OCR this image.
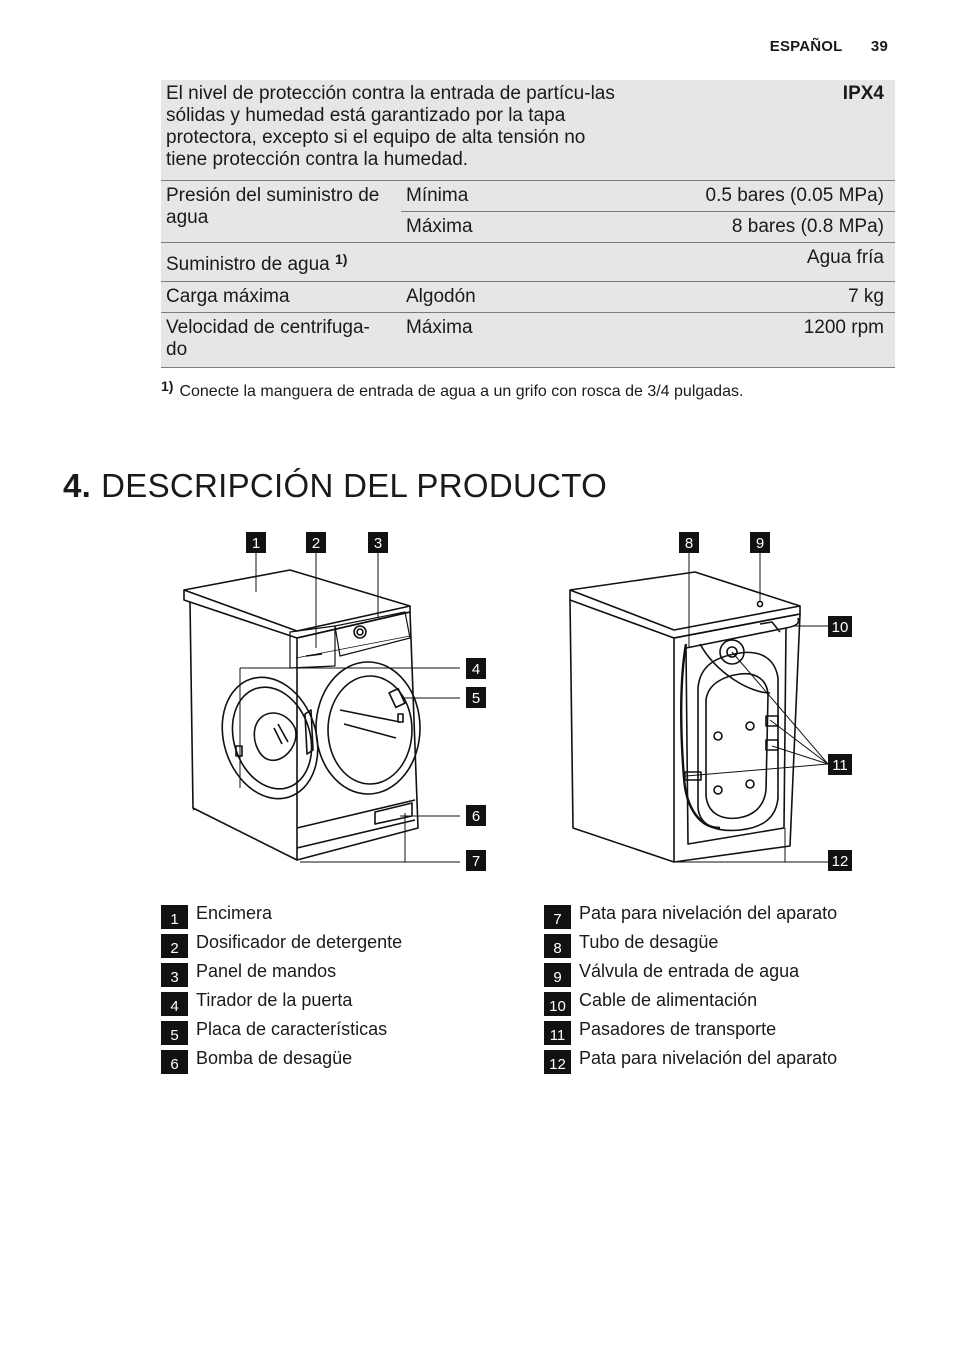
ESPAÑOL 39
El nivel de protección contra la entrada de partícu-las sólidas y humedad está garantizado por la tapa protectora, excepto si el equipo de alta tensión no tiene protección contra la humedad.		IPX4
Presión del suministro de agua	Mínima	0.5 bares (0.05 MPa)
	Máxima	8 bares (0.8 MPa)
Suministro de agua $^{1)}$		Agua fría
Carga máxima	Algodón	7 kg
Velocidad de centrifuga-do	Máxima	1200 rpm
1) Conecte la manguera de entrada de agua a un grifo con rosca de 3/4 pulgadas.
4. DESCRIPCIÓN DEL PRODUCTO
1	2	3
4
5
6
7
8	9
10
11
12
1 Encimera
2 Dosificador de detergente
3 Panel de mandos
4 Tirador de la puerta
5 Placa de características
6 Bomba de desagüe
7 Pata para nivelación del aparato
8 Tubo de desagüe
9 Válvula de entrada de agua
10 Cable de alimentación
11 Pasadores de transporte
12 Pata para nivelación del aparato
